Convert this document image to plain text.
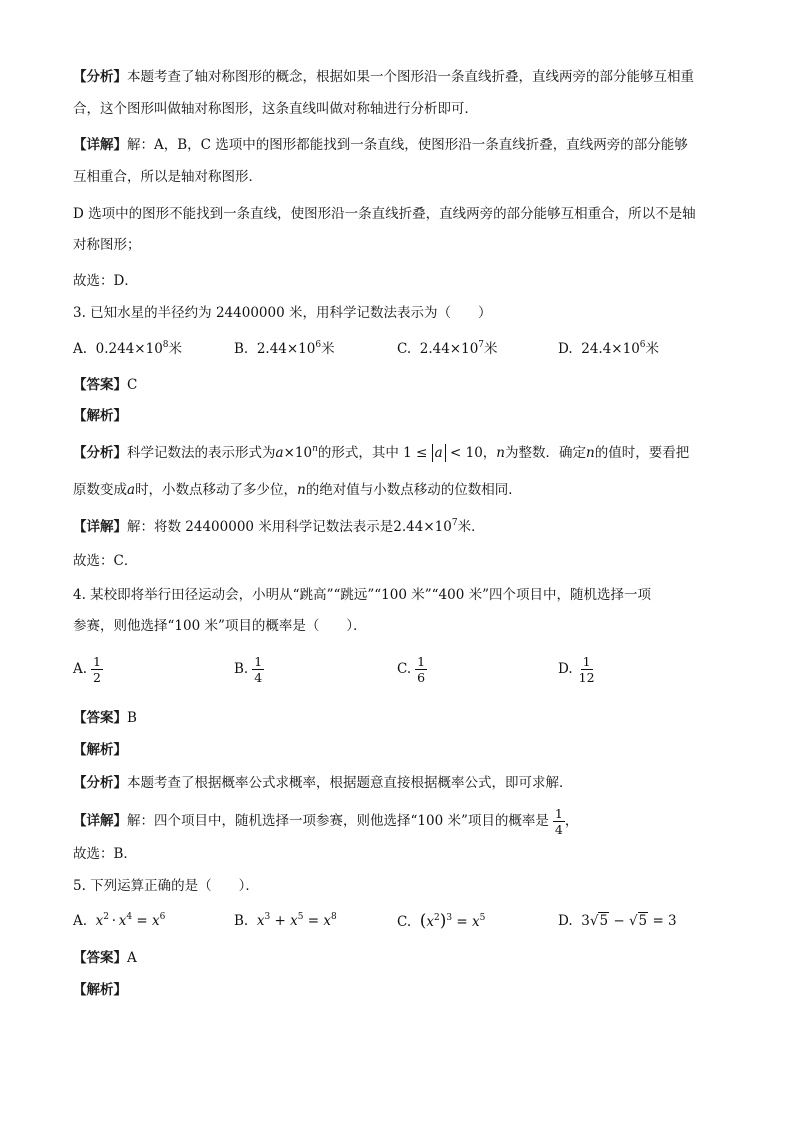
【分析】本题考查了轴对称图形的概念，根据如果一个图形沿一条直线折叠，直线两旁的部分能够互相重
合，这个图形叫做轴对称图形，这条直线叫做对称轴进行分析即可．
【详解】解：A，B，C 选项中的图形都能找到一条直线，使图形沿一条直线折叠，直线两旁的部分能够
互相重合，所以是轴对称图形．
D 选项中的图形不能找到一条直线，使图形沿一条直线折叠，直线两旁的部分能够互相重合，所以不是轴
对称图形；
故选：D．
3. 已知水星的半径约为 24400000 米，用科学记数法表示为（　　）
A. $0.244\times 10^8$米	B. $2.44\times 10^6$米	C. $2.44\times 10^7$米	D. $24.4\times 10^6$米
【答案】C
【解析】
【分析】科学记数法的表示形式为$a\times 10^n$的形式，其中 1 ≤ a < 10，n为整数．确定n的值时，要看把
原数变成a时，小数点移动了多少位，n的绝对值与小数点移动的位数相同．
【详解】解：将数 24400000 米用科学记数法表示是$2.44\times 10^7$米．
故选：C．
4. 某校即将举行田径运动会，小明从“跳高”“跳远”“100 米”“400 米”四个项目中，随机选择一项
参赛，则他选择“100 米”项目的概率是（　　）．
A. $\frac{1}{2}$	B. $\frac{1}{4}$	C. $\frac{1}{6}$	D. $\frac{1}{12}$
【答案】B
【解析】
【分析】本题考查了根据概率公式求概率，根据题意直接根据概率公式，即可求解．
【详解】解：四个项目中，随机选择一项参赛，则他选择“100 米”项目的概率是 $\frac{1}{4}$ ，
故选：B．
5. 下列运算正确的是（　　）．
A. $x^2 \cdot x^4 = x^6$	B. $x^3 + x^5 = x^8$	C. $(x^2)^3 = x^5$	D. 3√5 − √5 = 3
【答案】A
【解析】
